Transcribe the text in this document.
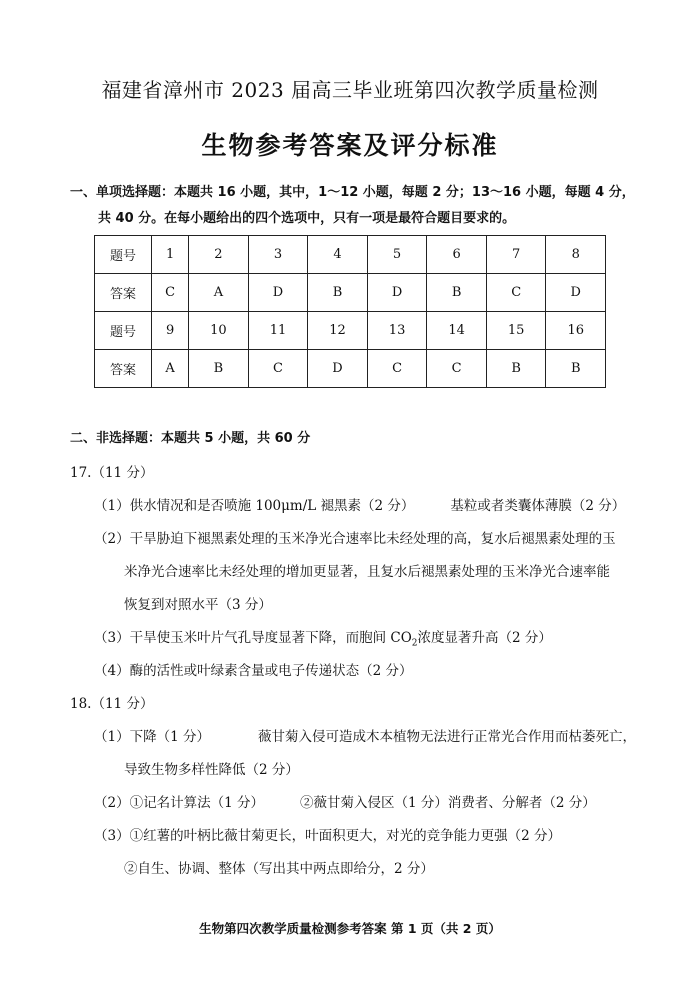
福建省漳州市 2023 届高三毕业班第四次教学质量检测
生物参考答案及评分标准
一、单项选择题：本题共 16 小题，其中，1～12 小题，每题 2 分；13～16 小题，每题 4 分，
共 40 分。在每小题给出的四个选项中，只有一项是最符合题目要求的。
题号	1	2	3	4	5	6	7	8
答案	C	A	D	B	D	B	C	D
题号	9	10	11	12	13	14	15	16
答案	A	B	C	D	C	C	B	B
二、非选择题：本题共 5 小题，共 60 分
17.（11 分）
（1）供水情况和是否喷施 100μm/L 褪黑素（2 分）	基粒或者类囊体薄膜（2 分）
（2）干旱胁迫下褪黑素处理的玉米净光合速率比未经处理的高，复水后褪黑素处理的玉
米净光合速率比未经处理的增加更显著，且复水后褪黑素处理的玉米净光合速率能
恢复到对照水平（3 分）
（3）干旱使玉米叶片气孔导度显著下降，而胞间 $CO_2$浓度显著升高（2 分）
（4）酶的活性或叶绿素含量或电子传递状态（2 分）
18.（11 分）
（1）下降（1 分）	薇甘菊入侵可造成木本植物无法进行正常光合作用而枯萎死亡，
导致生物多样性降低（2 分）
（2）①记名计算法（1 分）	②薇甘菊入侵区（1 分）消费者、分解者（2 分）
（3）①红薯的叶柄比薇甘菊更长，叶面积更大，对光的竞争能力更强（2 分）
②自生、协调、整体（写出其中两点即给分，2 分）
生物第四次教学质量检测参考答案 第 1 页（共 2 页）
